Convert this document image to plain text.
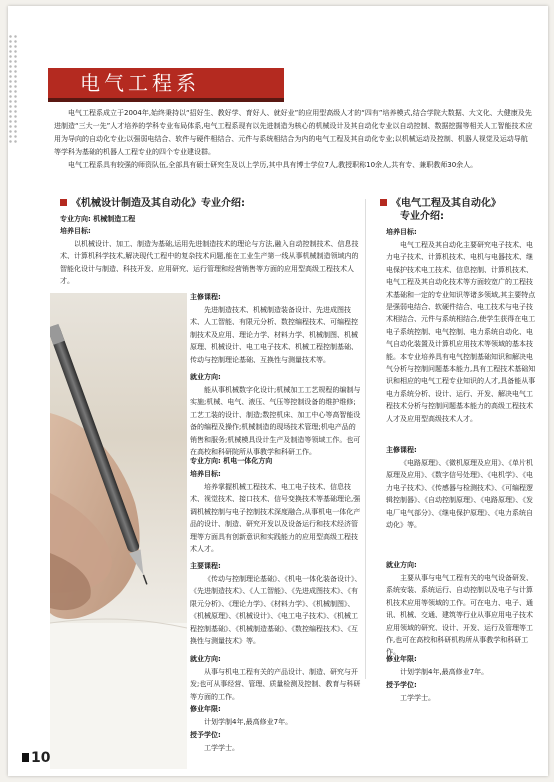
电气工程系

电气工程系成立于2004年,始终秉持以“招好生、教好学、育好人、就好业”的应用型高级人才的“四有”培养模式,结合学院大数据、大文化、大健康及先进制造“三大一先”人才培养的学科专业布局体系,电气工程系现有以先进制造为核心的机械设计及其自动化专业以自动控制、数据挖掘等相关人工智能技术应用为导向的自动化专业;以强弱电结合、软件与硬件相结合、元件与系统相结合为内的电气工程及其自动化专业;以机械运动及控制、机器人视觉及运动导航等学科为基础的机器人工程专业的四个专业建设群。

电气工程系具有较强的师资队伍,全部具有硕士研究生及以上学历,其中具有博士学位7人,教授职称10余人,共有专、兼职教师30余人。

《机械设计制造及其自动化》专业介绍:
专业方向: 机械制造工程
培养目标:

以机械设计、加工、制造为基础,运用先进制造技术的理论与方法,融入自动控制技术、信息技术、计算机科学技术,解决现代工程中的复杂技术问题,能在工业生产第一线从事机械制造领域内的智能化设计与制造、科技开发、应用研究、运行管理和经营销售等方面的应用型高级工程技术人才。

主修课程:

先进制造技术、机械制造装备设计、先进成图技术、人工智能、有限元分析、数控编程技术、可编程控制技术及应用、理论力学、材料力学、机械制图、机械原理、机械设计、电工电子技术、机械工程控制基础、传动与控制理论基础、互换性与测量技术等。

就业方向:

能从事机械数字化设计;机械加工工艺规程的编制与实施;机械、电气、液压、气压等控制设备的维护维修;工艺工装的设计、制造;数控机床、加工中心等高智能设备的编程及操作;机械制造的现场技术管理;机电产品的销售和服务;机械模具设计生产及制造等领域工作。也可在高校和科研院所从事教学和科研工作。

专业方向: 机电一体化方向
培养目标:

培养掌握机械工程技术、电工电子技术、信息技术、视觉技术、接口技术、信号变换技术等基础理论,强调机械控制与电子控制技术深度融合,从事机电一体化产品的设计、制造、研究开发以及设备运行和技术经济管理等方面具有创新意识和实践能力的应用型高级工程技术人才。

主要课程:

《传动与控制理论基础》、《机电一体化装备设计》、《先进制造技术》、《人工智能》、《先进成图技术》、《有限元分析》、《理论力学》、《材料力学》、《机械制图》、《机械原理》、《机械设计》、《电工电子技术》、《机械工程控制基础》、《机械制造基础》、《数控编程技术》、《互换性与测量技术》等。

就业方向:

从事与机电工程有关的产品设计、制造、研究与开发;也可从事经营、管理、质量检测及控制、教育与科研等方面的工作。

修业年限:

计划学制4年,最高修业7年。

授予学位:

工学学士。

《电气工程及其自动化》
专业介绍:
培养目标:

电气工程及其自动化主要研究电子技术、电力电子技术、计算机技术、电机与电器技术、继电保护技术电工技术、信息控制、计算机技术、电气工程及其自动化技术等方面较宽广的工程技术基础和一定的专业知识等诸多领域,其主要特点是强弱电结合、软硬件结合、电工技术与电子技术相结合、元件与系统相结合,使学生获得在电工电子系统控制、电气控制、电力系统自动化、电气自动化装置及计算机应用技术等领域的基本技能。本专业培养具有电气控制基础知识和解决电气分析与控制问题基本能力,具有工程技术基础知识和相应的电气工程专业知识的人才,具备能从事电力系统分析、设计、运行、开发、解决电气工程技术分析与控制问题基本能力的高级工程技术人才及应用型高级技术人才。

主修课程:

《电路原理》、《微机原理及应用》、《单片机原理及应用》、《数字信号处理》、《电机学》、《电力电子技术》、《传感器与检测技术》、《可编程逻辑控制器》、《自动控制原理》、《电路原理》、《发电厂电气部分》、《继电保护原理》、《电力系统自动化》等。

就业方向:

主要从事与电气工程有关的电气设备研发、系统安装、系统运行、自动控制以及电子与计算机技术应用等领域的工作。可在电力、电子、通讯、机械、交通、建筑等行业从事应用电子技术应用领域的研究、设计、开发、运行及管理等工作,也可在高校和科研机构所从事教学和科研工作。

修业年限:

计划学制4年,最高修业7年。

授予学位:

工学学士。

10
